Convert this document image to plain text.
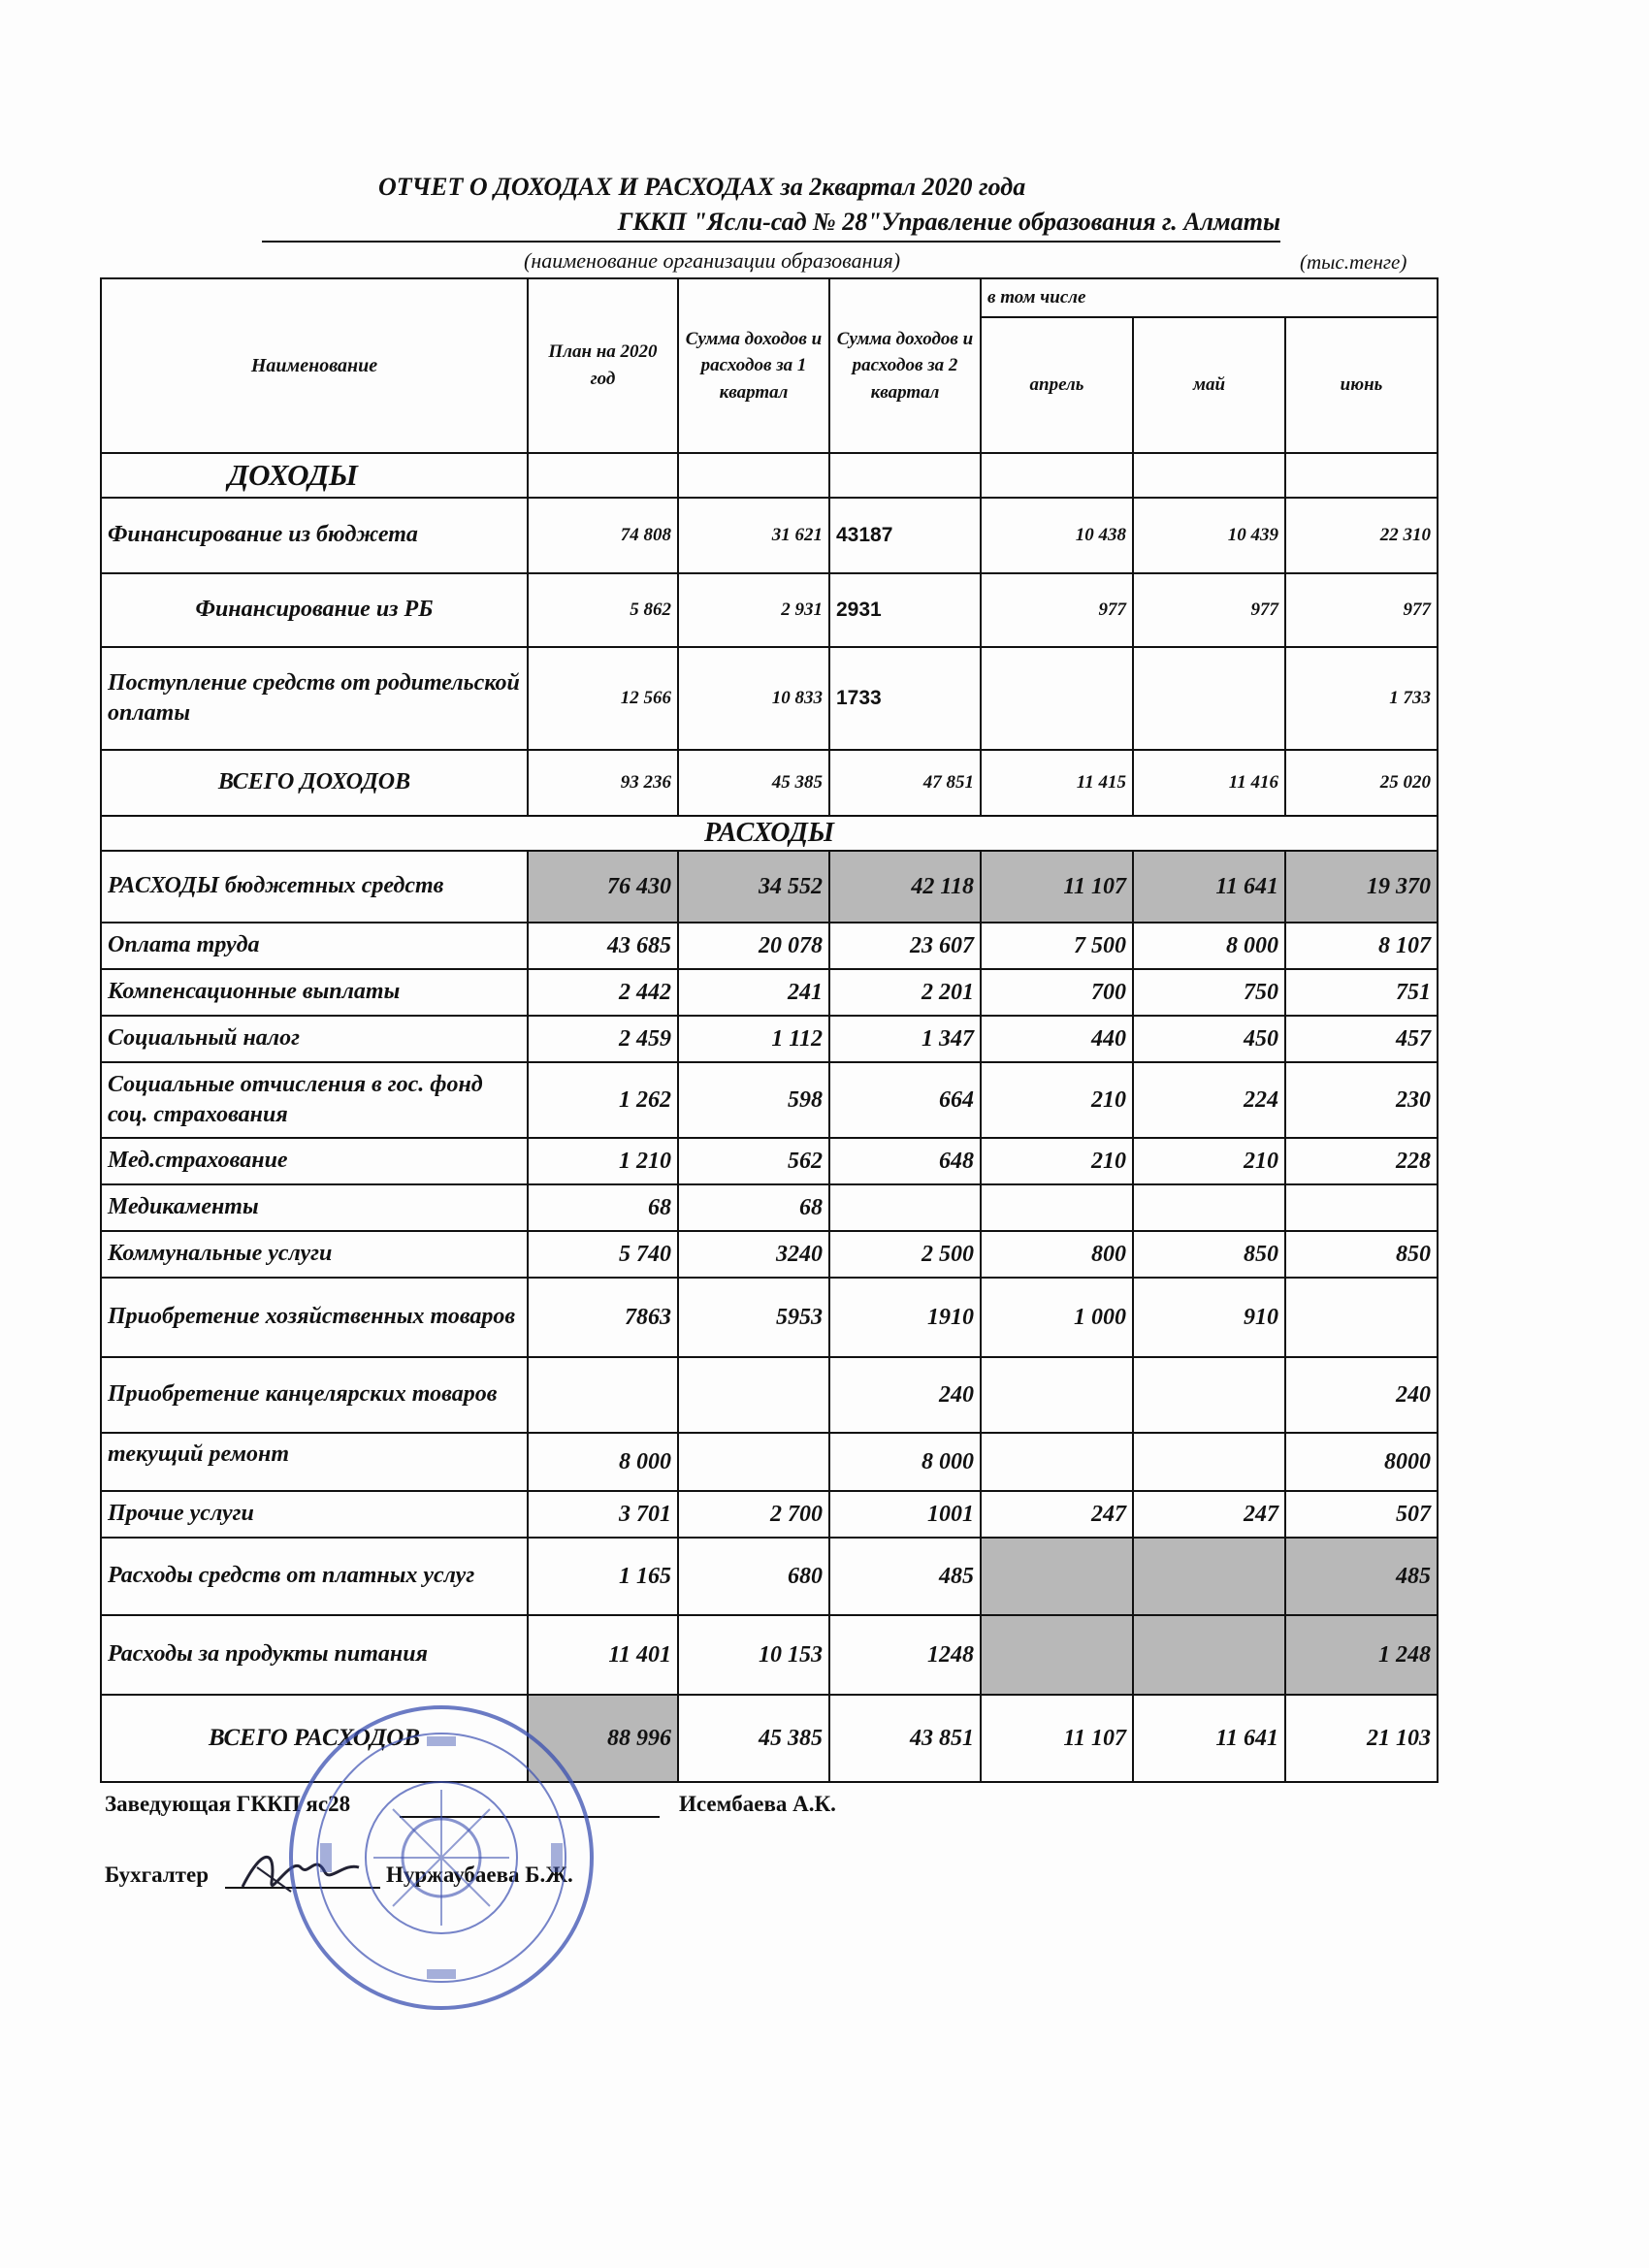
ОТЧЕТ О ДОХОДАХ И РАСХОДАХ за 2квартал 2020 года
ГККП "Ясли-сад № 28"Управление образования г. Алматы
(наименование организации образования)	(тыс.тенге)
Наименование	План на 2020 год	Сумма доходов и расходов за 1 квартал	Сумма доходов и расходов за 2 квартал	в том числе		
				апрель	май	июнь
ДОХОДЫ						
Финансирование из бюджета	74 808	31 621	43187	10 438	10 439	22 310
Финансирование из РБ	5 862	2 931	2931	977	977	977
Поступление средств от родительской оплаты	12 566	10 833	1733			1 733
ВСЕГО ДОХОДОВ	93 236	45 385	47 851	11 415	11 416	25 020
РАСХОДЫ						
РАСХОДЫ бюджетных средств	76 430	34 552	42 118	11 107	11 641	19 370
Оплата труда	43 685	20 078	23 607	7 500	8 000	8 107
Компенсационные выплаты	2 442	241	2 201	700	750	751
Социальный налог	2 459	1 112	1 347	440	450	457
Социальные отчисления в гос. фонд соц. страхования	1 262	598	664	210	224	230
Мед.страхование	1 210	562	648	210	210	228
Медикаменты	68	68				
Коммунальные услуги	5 740	3240	2 500	800	850	850
Приобретение хозяйственных товаров	7863	5953	1910	1 000	910	
Приобретение канцелярских товаров			240			240
текущий ремонт	8 000		8 000			8000
Прочие услуги	3 701	2 700	1001	247	247	507
Расходы средств от платных услуг	1 165	680	485			485
Расходы за продукты питания	11 401	10 153	1248			1 248
ВСЕГО РАСХОДОВ	88 996	45 385	43 851	11 107	11 641	21 103
Заведующая ГККП яс28	Исембаева А.К.
Бухгалтер	Нуржаубаева Б.Ж.
